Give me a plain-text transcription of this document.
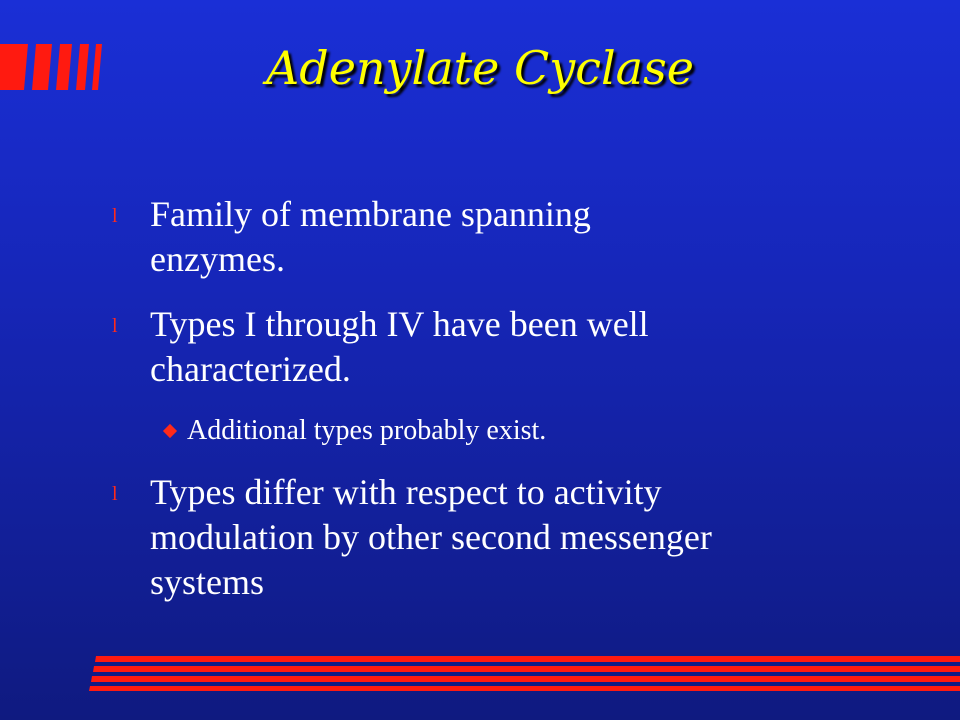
Adenylate Cyclase
l Family of membrane spanning
enzymes.
l Types I through IV have been well
characterized.
Additional types probably exist.
l Types differ with respect to activity
modulation by other second messenger
systems
